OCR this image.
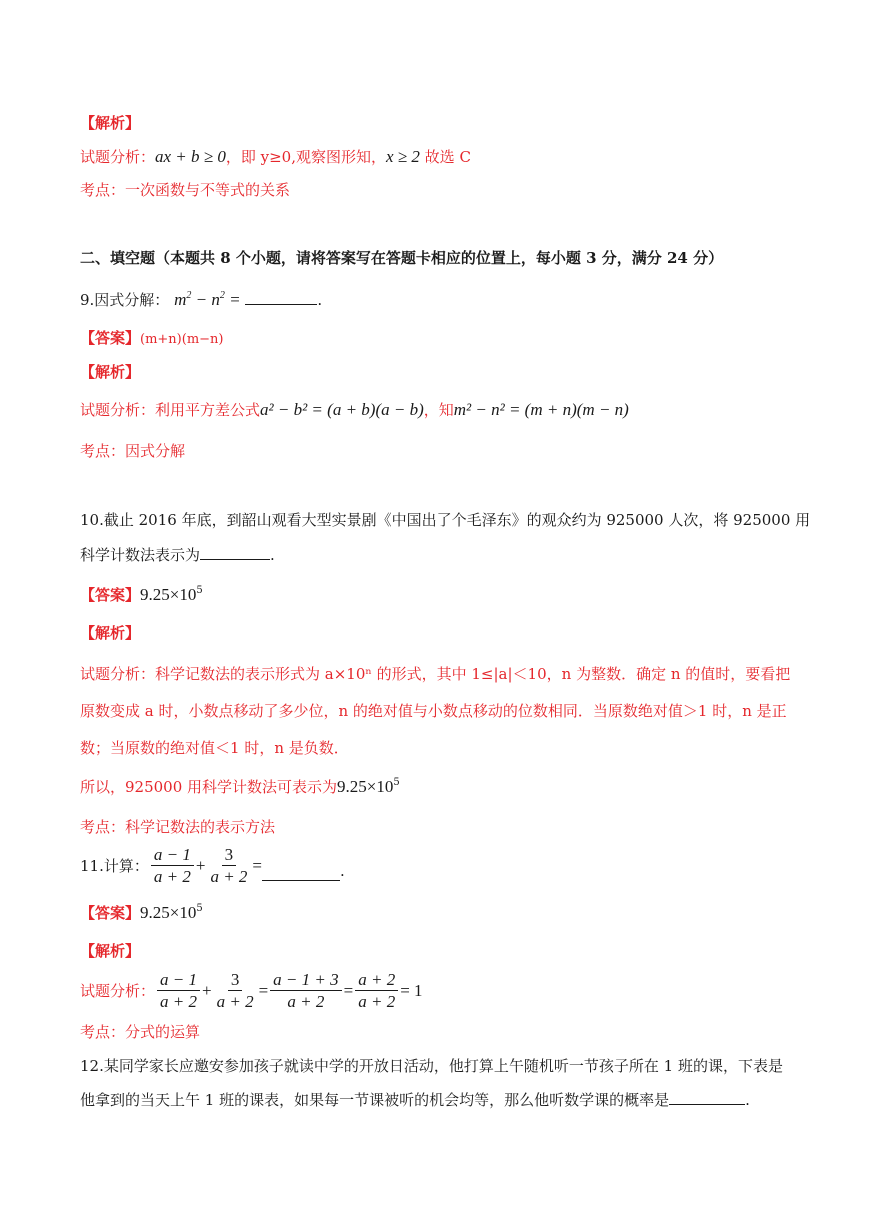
【解析】
试题分析：ax + b ≥ 0，即 y≥0,观察图形知，x ≥ 2 故选 C
考点：一次函数与不等式的关系
二、填空题（本题共 8 个小题，请将答案写在答题卡相应的位置上，每小题 3 分，满分 24 分）
9.因式分解： $m^2 - n^2$ =	.
【答案】(m+n)(m−n)
【解析】
试题分析：利用平方差公式a² − b² = (a + b)(a − b)，知m² − n² = (m + n)(m − n)
考点：因式分解
10.截止 2016 年底，到韶山观看大型实景剧《中国出了个毛泽东》的观众约为 925000 人次，将 925000 用
科学计数法表示为	.
【答案】$9.25\times 10^5$
【解析】
试题分析：科学记数法的表示形式为 a×10ⁿ 的形式，其中 1≤|a|＜10，n 为整数．确定 n 的值时，要看把
原数变成 a 时，小数点移动了多少位，n 的绝对值与小数点移动的位数相同．当原数绝对值＞1 时，n 是正
数；当原数的绝对值＜1 时，n 是负数．
所以，925000 用科学计数法可表示为$9.25\times 10^5$
考点：科学记数法的表示方法
11.计算： $\frac{a - 1}{a + 2} + \frac{3}{a + 2}$ =	.
【答案】$9.25\times 10^5$
【解析】
试题分析： $\frac{a - 1}{a + 2} + \frac{3}{a + 2} = \frac{a - 1 + 3}{a + 2} = \frac{a + 2}{a + 2} = 1$
考点：分式的运算
12.某同学家长应邀安参加孩子就读中学的开放日活动，他打算上午随机听一节孩子所在 1 班的课，下表是
他拿到的当天上午 1 班的课表，如果每一节课被听的机会均等，那么他听数学课的概率是	.
